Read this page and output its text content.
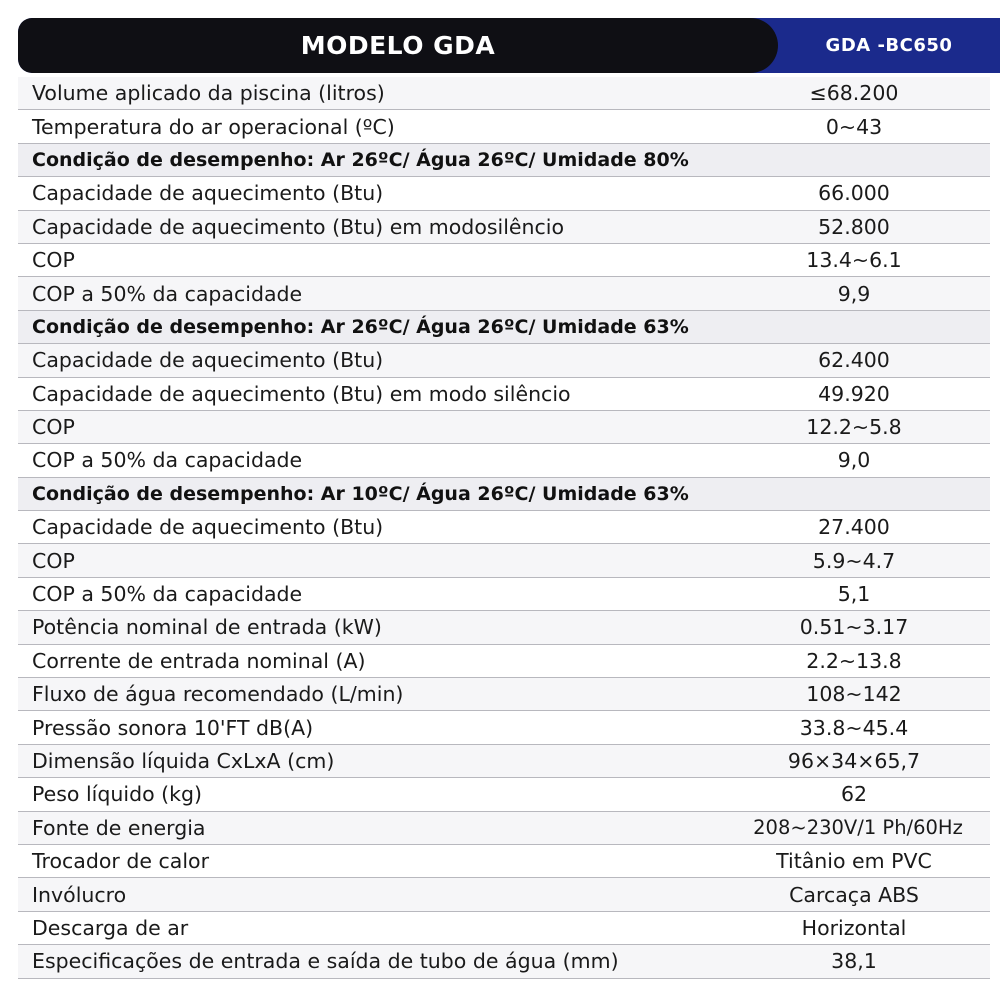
MODELO GDA	GDA -BC650
Volume aplicado da piscina (litros)	≤68.200
Temperatura do ar operacional (ºC)	0~43
Condição de desempenho: Ar 26ºC/ Água 26ºC/ Umidade 80%
Capacidade de aquecimento (Btu)	66.000
Capacidade de aquecimento (Btu) em modosilêncio	52.800
COP	13.4~6.1
COP a 50% da capacidade	9,9
Condição de desempenho: Ar 26ºC/ Água 26ºC/ Umidade 63%
Capacidade de aquecimento (Btu)	62.400
Capacidade de aquecimento (Btu) em modo silêncio	49.920
COP	12.2~5.8
COP a 50% da capacidade	9,0
Condição de desempenho: Ar 10ºC/ Água 26ºC/ Umidade 63%
Capacidade de aquecimento (Btu)	27.400
COP	5.9~4.7
COP a 50% da capacidade	5,1
Potência nominal de entrada (kW)	0.51~3.17
Corrente de entrada nominal (A)	2.2~13.8
Fluxo de água recomendado (L/min)	108~142
Pressão sonora 10'FT dB(A)	33.8~45.4
Dimensão líquida CxLxA (cm)	96×34×65,7
Peso líquido (kg)	62
Fonte de energia	208~230V/1 Ph/60Hz
Trocador de calor	Titânio em PVC
Invólucro	Carcaça ABS
Descarga de ar	Horizontal
Especificações de entrada e saída de tubo de água (mm)	38,1
